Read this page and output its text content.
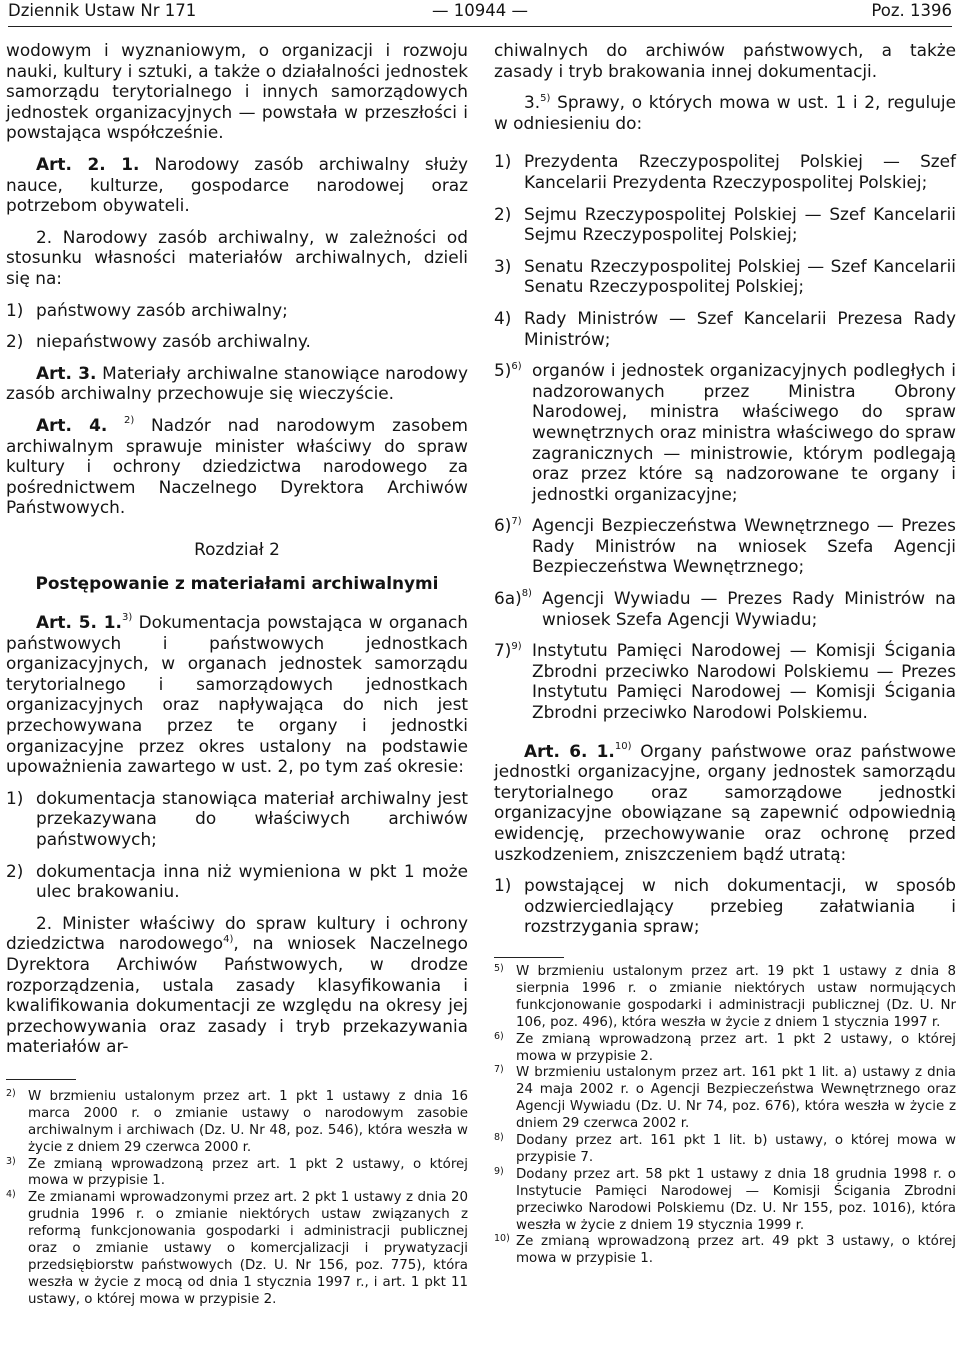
Dziennik Ustaw Nr 171	— 10944 —	Poz. 1396

wodowym i wyznaniowym, o organizacji i rozwoju nauki, kultury i sztuki, a także o działalności jednostek samorządu terytorialnego i innych samorządowych jednostek organizacyjnych — powstała w przeszłości i powstająca współcześnie.

Art. 2. 1. Narodowy zasób archiwalny służy nauce, kulturze, gospodarce narodowej oraz potrzebom obywateli.

2. Narodowy zasób archiwalny, w zależności od stosunku własności materiałów archiwalnych, dzieli się na:

1) państwowy zasób archiwalny;
2) niepaństwowy zasób archiwalny.

Art. 3. Materiały archiwalne stanowiące narodowy zasób archiwalny przechowuje się wieczyście.

Art. 4. $^{2)}$ Nadzór nad narodowym zasobem archiwalnym sprawuje minister właściwy do spraw kultury i ochrony dziedzictwa narodowego za pośrednictwem Naczelnego Dyrektora Archiwów Państwowych.

Rozdział 2

Postępowanie z materiałami archiwalnymi

Art. 5. 1.$^{3)}$ Dokumentacja powstająca w organach państwowych i państwowych jednostkach organizacyjnych, w organach jednostek samorządu terytorialnego i samorządowych jednostkach organizacyjnych oraz napływająca do nich jest przechowywana przez te organy i jednostki organizacyjne przez okres ustalony na podstawie upoważnienia zawartego w ust. 2, po tym zaś okresie:

1) dokumentacja stanowiąca materiał archiwalny jest przekazywana do właściwych archiwów państwowych;
2) dokumentacja inna niż wymieniona w pkt 1 może ulec brakowaniu.

2. Minister właściwy do spraw kultury i ochrony dziedzictwa narodowego$^{4)}$, na wniosek Naczelnego Dyrektora Archiwów Państwowych, w drodze rozporządzenia, ustala zasady klasyfikowania i kwalifikowania dokumentacji ze względu na okresy jej przechowywania oraz zasady i tryb przekazywania materiałów ar-

2) W brzmieniu ustalonym przez art. 1 pkt 1 ustawy z dnia 16 marca 2000 r. o zmianie ustawy o narodowym zasobie archiwalnym i archiwach (Dz. U. Nr 48, poz. 546), która weszła w życie z dniem 29 czerwca 2000 r.
3) Ze zmianą wprowadzoną przez art. 1 pkt 2 ustawy, o której mowa w przypisie 1.
4) Ze zmianami wprowadzonymi przez art. 2 pkt 1 ustawy z dnia 20 grudnia 1996 r. o zmianie niektórych ustaw związanych z reformą funkcjonowania gospodarki i administracji publicznej oraz o zmianie ustawy o komercjalizacji i prywatyzacji przedsiębiorstw państwowych (Dz. U. Nr 156, poz. 775), która weszła w życie z mocą od dnia 1 stycznia 1997 r., i art. 1 pkt 11 ustawy, o której mowa w przypisie 2.

chiwalnych do archiwów państwowych, a także zasady i tryb brakowania innej dokumentacji.

3.$^{5)}$ Sprawy, o których mowa w ust. 1 i 2, reguluje w odniesieniu do:

1) Prezydenta Rzeczypospolitej Polskiej — Szef Kancelarii Prezydenta Rzeczypospolitej Polskiej;
2) Sejmu Rzeczypospolitej Polskiej — Szef Kancelarii Sejmu Rzeczypospolitej Polskiej;
3) Senatu Rzeczypospolitej Polskiej — Szef Kancelarii Senatu Rzeczypospolitej Polskiej;
4) Rady Ministrów — Szef Kancelarii Prezesa Rady Ministrów;
5)$^{6)}$ organów i jednostek organizacyjnych podległych i nadzorowanych przez Ministra Obrony Narodowej, ministra właściwego do spraw wewnętrznych oraz ministra właściwego do spraw zagranicznych — ministrowie, którym podlegają oraz przez które są nadzorowane te organy i jednostki organizacyjne;
6)$^{7)}$ Agencji Bezpieczeństwa Wewnętrznego — Prezes Rady Ministrów na wniosek Szefa Agencji Bezpieczeństwa Wewnętrznego;
6a)$^{8)}$ Agencji Wywiadu — Prezes Rady Ministrów na wniosek Szefa Agencji Wywiadu;
7)$^{9)}$ Instytutu Pamięci Narodowej — Komisji Ścigania Zbrodni przeciwko Narodowi Polskiemu — Prezes Instytutu Pamięci Narodowej — Komisji Ścigania Zbrodni przeciwko Narodowi Polskiemu.

Art. 6. 1.$^{10)}$ Organy państwowe oraz państwowe jednostki organizacyjne, organy jednostek samorządu terytorialnego oraz samorządowe jednostki organizacyjne obowiązane są zapewnić odpowiednią ewidencję, przechowywanie oraz ochronę przed uszkodzeniem, zniszczeniem bądź utratą:

1) powstającej w nich dokumentacji, w sposób odzwierciedlający przebieg załatwiania i rozstrzygania spraw;
5) W brzmieniu ustalonym przez art. 19 pkt 1 ustawy z dnia 8 sierpnia 1996 r. o zmianie niektórych ustaw normujących funkcjonowanie gospodarki i administracji publicznej (Dz. U. Nr 106, poz. 496), która weszła w życie z dniem 1 stycznia 1997 r.
6) Ze zmianą wprowadzoną przez art. 1 pkt 2 ustawy, o której mowa w przypisie 2.
7) W brzmieniu ustalonym przez art. 161 pkt 1 lit. a) ustawy z dnia 24 maja 2002 r. o Agencji Bezpieczeństwa Wewnętrznego oraz Agencji Wywiadu (Dz. U. Nr 74, poz. 676), która weszła w życie z dniem 29 czerwca 2002 r.
8) Dodany przez art. 161 pkt 1 lit. b) ustawy, o której mowa w przypisie 7.
9) Dodany przez art. 58 pkt 1 ustawy z dnia 18 grudnia 1998 r. o Instytucie Pamięci Narodowej — Komisji Ścigania Zbrodni przeciwko Narodowi Polskiemu (Dz. U. Nr 155, poz. 1016), która weszła w życie z dniem 19 stycznia 1999 r.
10) Ze zmianą wprowadzoną przez art. 49 pkt 3 ustawy, o której mowa w przypisie 1.
